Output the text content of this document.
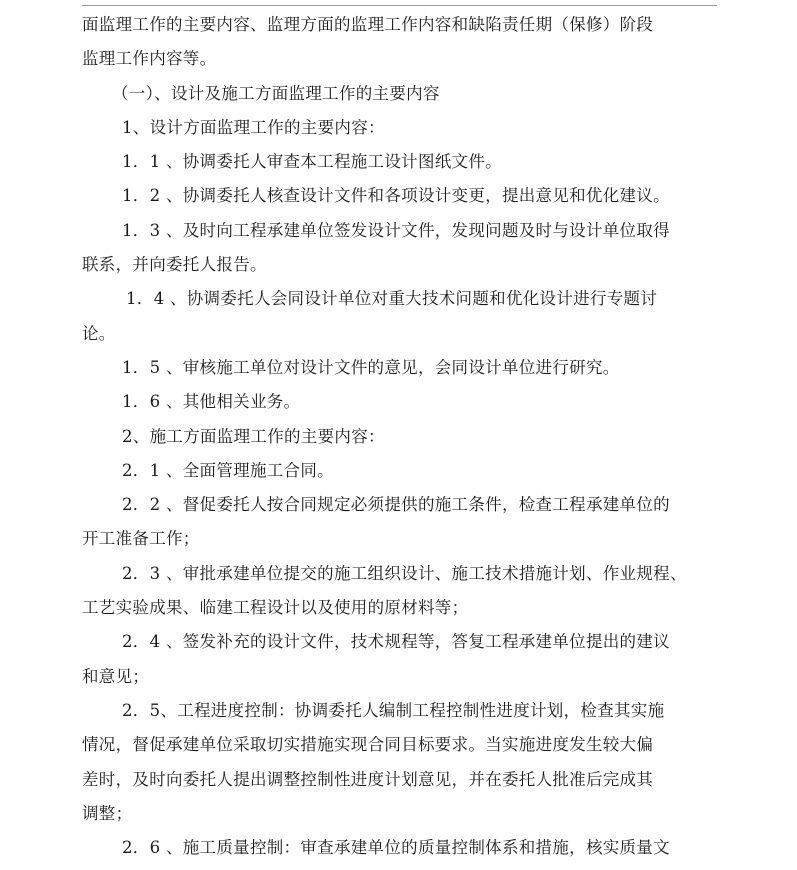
面监理工作的主要内容、监理方面的监理工作内容和缺陷责任期（保修）阶段
监理工作内容等。
（一）、设计及施工方面监理工作的主要内容
1、设计方面监理工作的主要内容：
1．1 、协调委托人审查本工程施工设计图纸文件。
1．2 、协调委托人核查设计文件和各项设计变更，提出意见和优化建议。
1．3 、及时向工程承建单位签发设计文件，发现问题及时与设计单位取得
联系，并向委托人报告。
1．4 、协调委托人会同设计单位对重大技术问题和优化设计进行专题讨
论。
1．5 、审核施工单位对设计文件的意见，会同设计单位进行研究。
1．6 、其他相关业务。
2、施工方面监理工作的主要内容：
2．1 、全面管理施工合同。
2．2 、督促委托人按合同规定必须提供的施工条件，检查工程承建单位的
开工准备工作；
2．3 、审批承建单位提交的施工组织设计、施工技术措施计划、作业规程、
工艺实验成果、临建工程设计以及使用的原材料等；
2．4 、签发补充的设计文件，技术规程等，答复工程承建单位提出的建议
和意见；
2．5、工程进度控制：协调委托人编制工程控制性进度计划，检查其实施
情况，督促承建单位采取切实措施实现合同目标要求。当实施进度发生较大偏
差时，及时向委托人提出调整控制性进度计划意见，并在委托人批准后完成其
调整；
2．6 、施工质量控制：审查承建单位的质量控制体系和措施，核实质量文
